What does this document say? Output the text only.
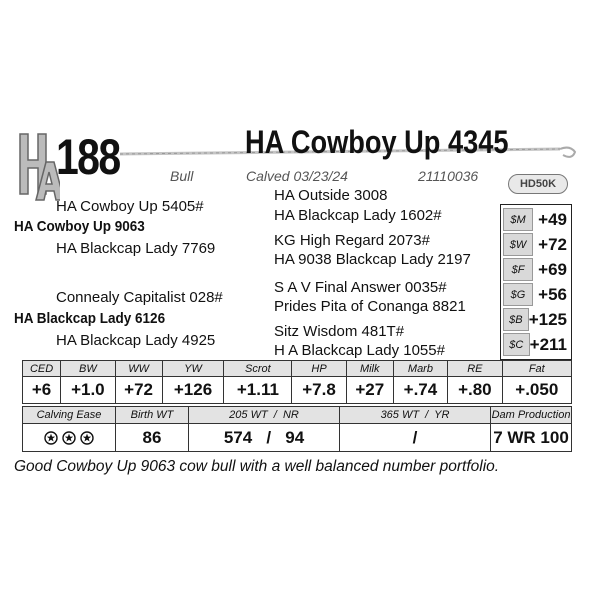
188	HA Cowboy Up 4345
Bull	Calved 03/23/24	21110036	HD50K
HA Cowboy Up 5405#
HA Cowboy Up 9063
HA Blackcap Lady 7769
Connealy Capitalist 028#
HA Blackcap Lady 6126
HA Blackcap Lady 4925
HA Outside 3008
HA Blackcap Lady 1602#
KG High Regard 2073#
HA 9038 Blackcap Lady 2197
S A V Final Answer 0035#
Prides Pita of Conanga 8821
Sitz Wisdom 481T#
H A Blackcap Lady 1055#
$M +49
$W +72
$F +69
$G +56
$B +125
$C +211
CED	BW	WW	YW	Scrot	HP	Milk	Marb	RE	Fat
+6	+1.0	+72	+126	+1.11	+7.8	+27	+.74	+.80	+.050
Calving Ease	Birth WT	205 WT  /  NR	365 WT  /  YR	Dam Production
	86	574   /   94	/	7 WR 100
Good Cowboy Up 9063 cow bull with a well balanced number portfolio.
